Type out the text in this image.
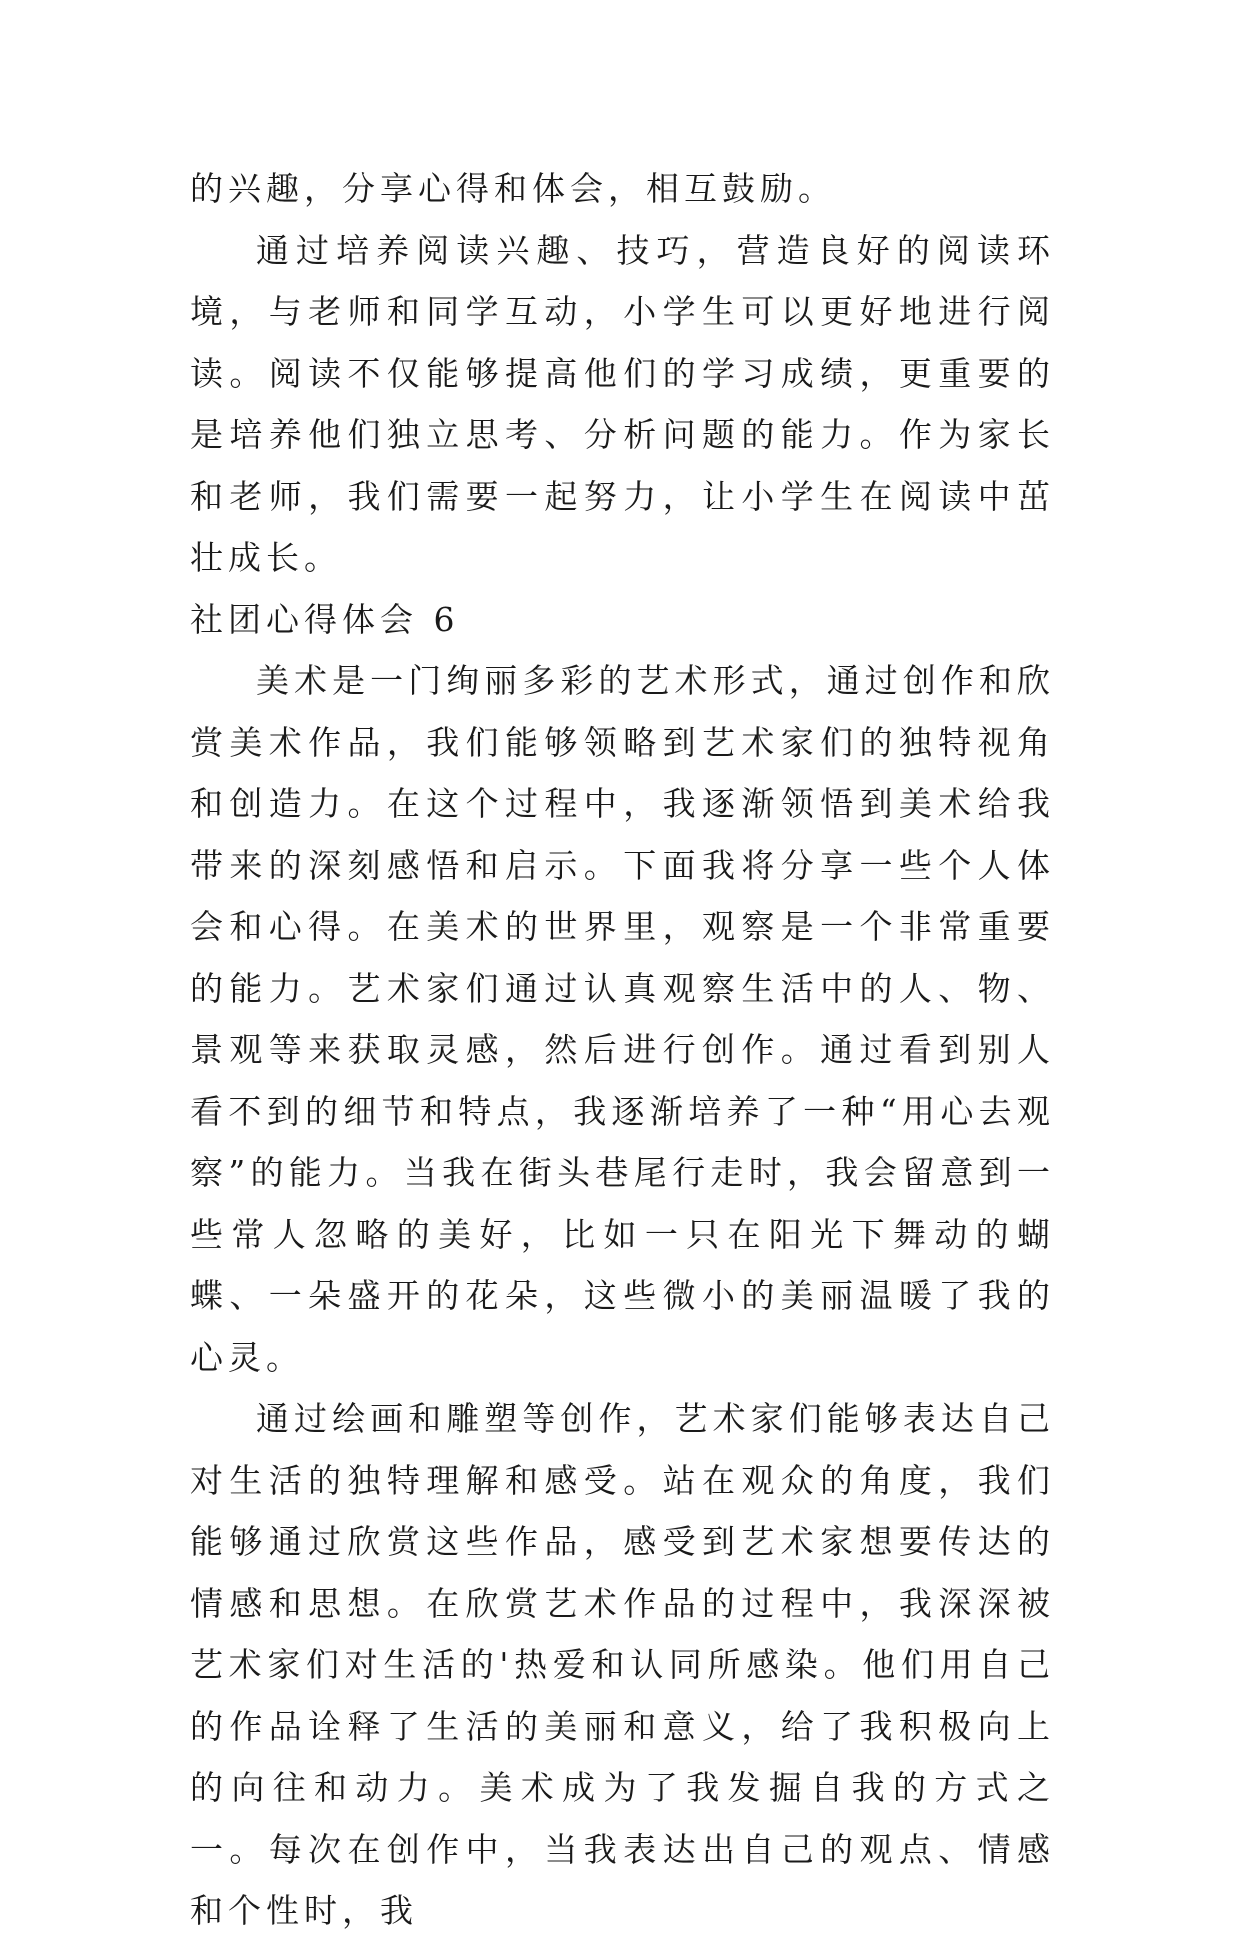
的兴趣，分享心得和体会，相互鼓励。

通过培养阅读兴趣、技巧，营造良好的阅读环境，与老师和同学互动，小学生可以更好地进行阅读。阅读不仅能够提高他们的学习成绩，更重要的是培养他们独立思考、分析问题的能力。作为家长和老师，我们需要一起努力，让小学生在阅读中茁壮成长。

社团心得体会 6

美术是一门绚丽多彩的艺术形式，通过创作和欣赏美术作品，我们能够领略到艺术家们的独特视角和创造力。在这个过程中，我逐渐领悟到美术给我带来的深刻感悟和启示。下面我将分享一些个人体会和心得。在美术的世界里，观察是一个非常重要的能力。艺术家们通过认真观察生活中的人、物、景观等来获取灵感，然后进行创作。通过看到别人看不到的细节和特点，我逐渐培养了一种“用心去观察”的能力。当我在街头巷尾行走时，我会留意到一些常人忽略的美好，比如一只在阳光下舞动的蝴蝶、一朵盛开的花朵，这些微小的美丽温暖了我的心灵。

通过绘画和雕塑等创作，艺术家们能够表达自己对生活的独特理解和感受。站在观众的角度，我们能够通过欣赏这些作品，感受到艺术家想要传达的情感和思想。在欣赏艺术作品的过程中，我深深被艺术家们对生活的'热爱和认同所感染。他们用自己的作品诠释了生活的美丽和意义，给了我积极向上的向往和动力。美术成为了我发掘自我的方式之一。每次在创作中，当我表达出自己的观点、情感和个性时，我
